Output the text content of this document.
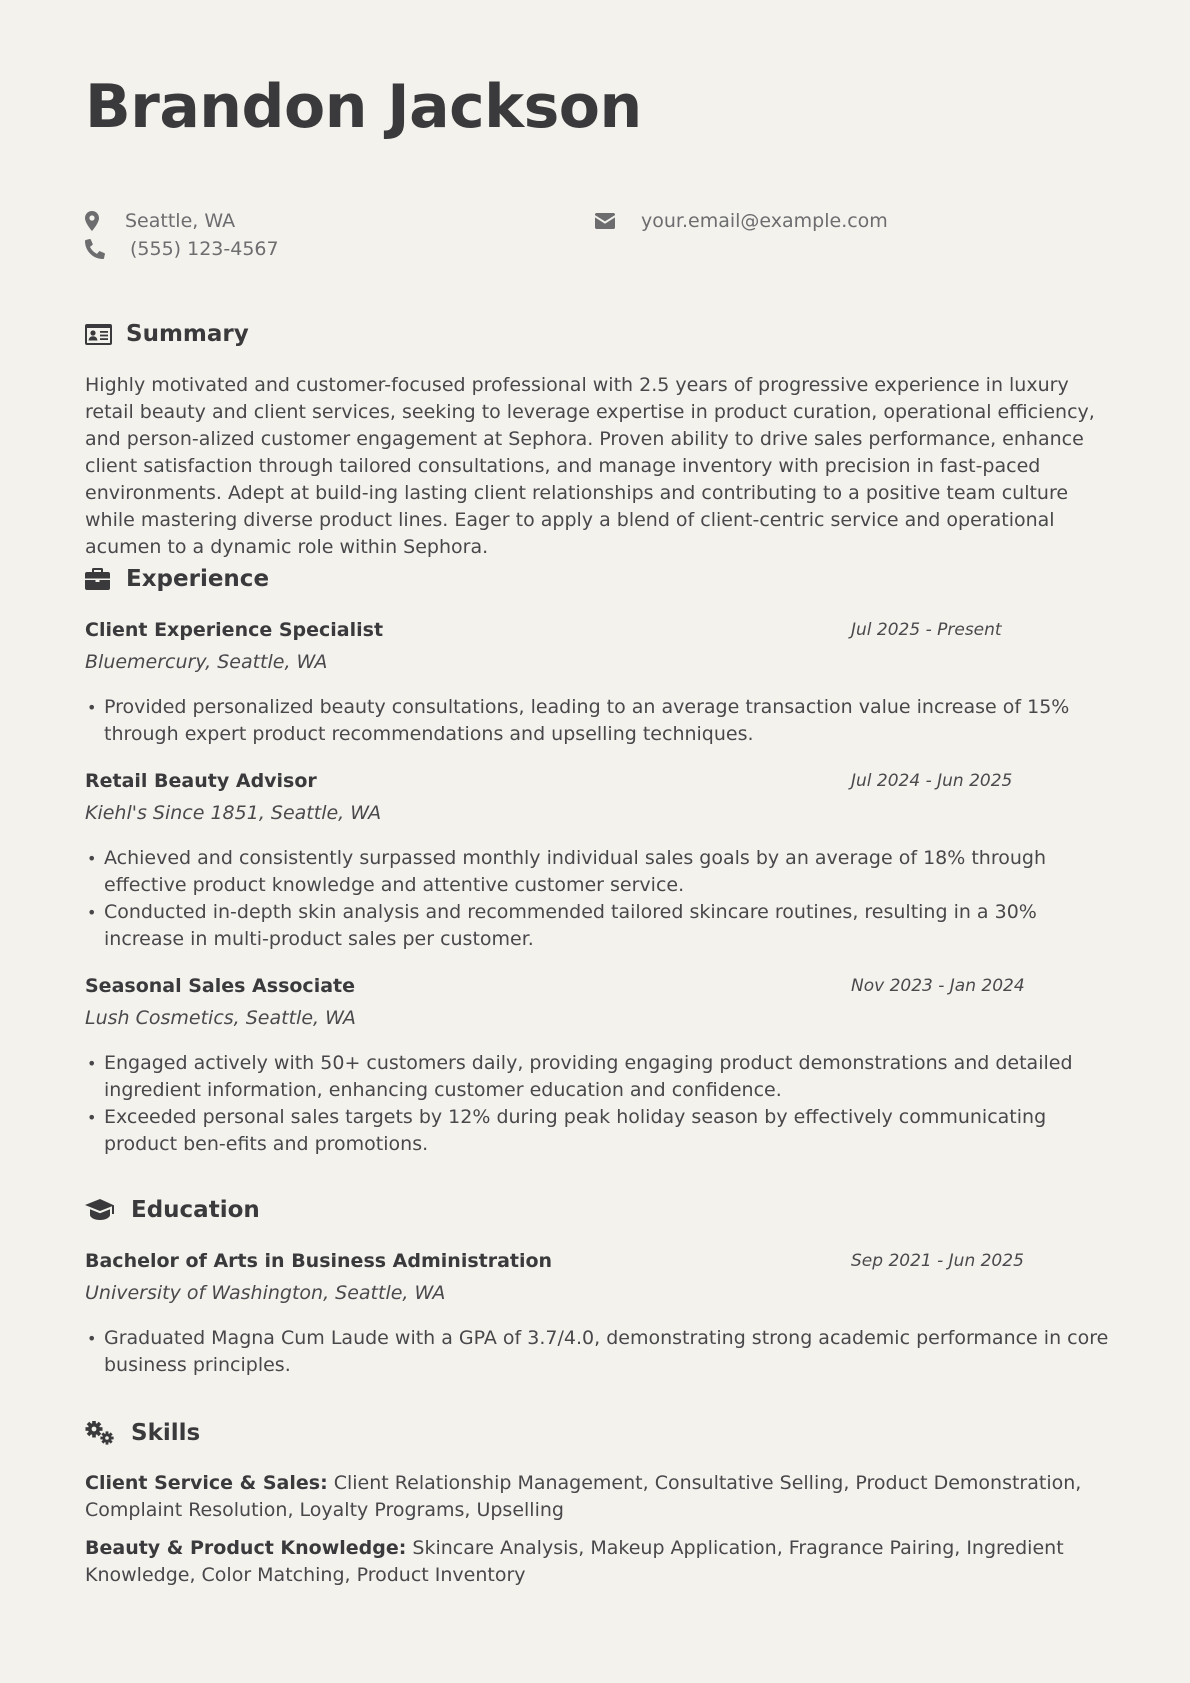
Brandon Jackson
Seattle, WA
(555) 123-4567
your.email@example.com
Summary

Highly motivated and customer-focused professional with 2.5 years of progressive experience in luxury retail beauty and client services, seeking to leverage expertise in product curation, operational efficiency, and person-alized customer engagement at Sephora. Proven ability to drive sales performance, enhance client satisfaction through tailored consultations, and manage inventory with precision in fast-paced environments. Adept at build-ing lasting client relationships and contributing to a positive team culture while mastering diverse product lines. Eager to apply a blend of client-centric service and operational acumen to a dynamic role within Sephora.

Experience
Client Experience Specialist	Jul 2025 - Present
Bluemercury, Seattle, WA
• Provided personalized beauty consultations, leading to an average transaction value increase of 15% through expert product recommendations and upselling techniques.
Retail Beauty Advisor	Jul 2024 - Jun 2025
Kiehl's Since 1851, Seattle, WA
• Achieved and consistently surpassed monthly individual sales goals by an average of 18% through effective product knowledge and attentive customer service.
• Conducted in-depth skin analysis and recommended tailored skincare routines, resulting in a 30% increase in multi-product sales per customer.
Seasonal Sales Associate	Nov 2023 - Jan 2024
Lush Cosmetics, Seattle, WA
• Engaged actively with 50+ customers daily, providing engaging product demonstrations and detailed ingredient information, enhancing customer education and confidence.
• Exceeded personal sales targets by 12% during peak holiday season by effectively communicating product ben-efits and promotions.
Education
Bachelor of Arts in Business Administration	Sep 2021 - Jun 2025
University of Washington, Seattle, WA
• Graduated Magna Cum Laude with a GPA of 3.7/4.0, demonstrating strong academic performance in core business principles.
Skills

Client Service & Sales: Client Relationship Management, Consultative Selling, Product Demonstration, Complaint Resolution, Loyalty Programs, Upselling

Beauty & Product Knowledge: Skincare Analysis, Makeup Application, Fragrance Pairing, Ingredient Knowledge, Color Matching, Product Inventory
